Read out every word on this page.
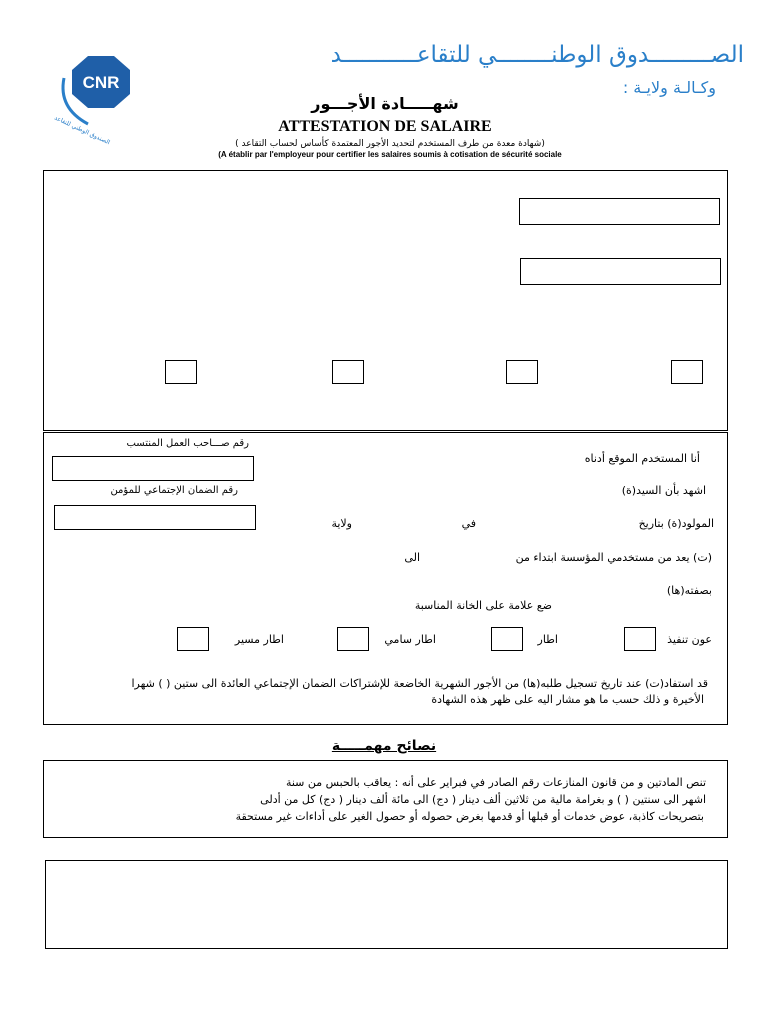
CNR
الصندوق الوطني للتقاعد
الصـــــــــدوق الوطنــــــــي للتقاعـــــــــــد
وكـالـة ولايـة :
شهـــــادة الأجـــور
ATTESTATION DE SALAIRE
(شهادة معدة من طرف المستخدم لتحديد الأجور المعتمدة كأساس لحساب التقاعد )
(A établir par l'employeur pour certifier les salaires soumis à cotisation de sécurité sociale
رقم صـــاحب العمل المنتسب
أنا المستخدم الموقع أدناه
اشهد بأن السيد(ة)
رقم الضمان الإجتماعي للمؤمن
المولود(ة) بتاريخ
في
ولاية
(ت) يعد من مستخدمي المؤسسة ابتداء من
الى
بصفته(ها)
ضع علامة على الخانة المناسبة
عون تنفيذ
اطار
اطار سامي
اطار مسير
قد استفاد(ت) عند تاريخ تسجيل طلبه(ها) من الأجور الشهرية الخاضعة للإشتراكات الضمان الإجتماعي العائدة الى ستين ( ) شهرا
الأخيرة و ذلك حسب ما هو مشار اليه على ظهر هذه الشهادة
نصائح مهمـــــة
تنص المادتين و من قانون المنازعات رقم الصادر في فبراير على أنه : يعاقب بالحبس من سنة
اشهر الى سنتين ( ) و بغرامة مالية من ثلاثين ألف دينار ( دج) الى مائة ألف دينار ( دج) كل من أدلى
بتصريحات كاذبة، عوض خدمات أو قبلها أو قدمها بغرض حصوله أو حصول الغير على أداءات غير مستحقة
